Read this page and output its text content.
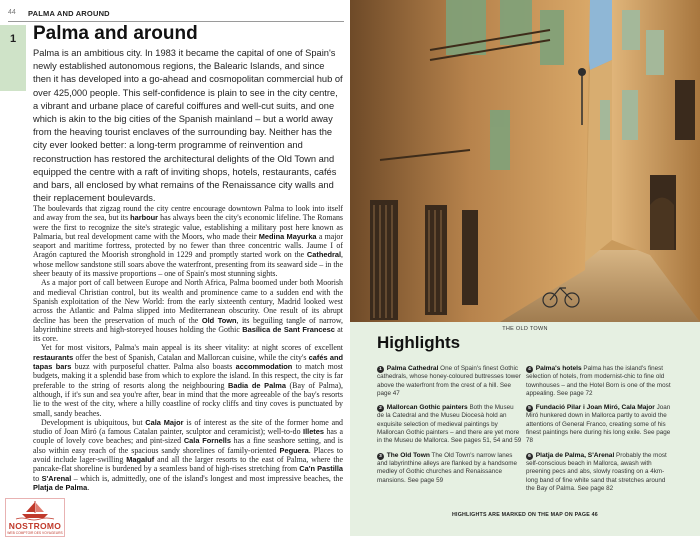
44 PALMA AND AROUND
1 Palma and around

Palma is an ambitious city. In 1983 it became the capital of one of Spain's newly established autonomous regions, the Balearic Islands, and since then it has developed into a go-ahead and cosmopolitan commercial hub of over 425,000 people. This self-confidence is plain to see in the city centre, a vibrant and urbane place of careful coiffures and well-cut suits, and one which is akin to the big cities of the Spanish mainland – but a world away from the heaving tourist enclaves of the surrounding bay. Neither has the city ever looked better: a long-term programme of reinvention and reconstruction has restored the architectural delights of the Old Town and equipped the centre with a raft of inviting shops, hotels, restaurants, cafés and bars, all enclosed by what remains of the Renaissance city walls and their replacement boulevards.

The boulevards that zigzag round the city centre encourage downtown Palma to look into itself and away from the sea, but its harbour has always been the city's economic lifeline. The Romans were the first to recognize the site's strategic value, establishing a military post here known as Palmaria, but real development came with the Moors, who made their Medina Mayurka a major seaport and maritime fortress, protected by no fewer than three concentric walls. Jaume I of Aragón captured the Moorish stronghold in 1229 and promptly started work on the Cathedral, whose mellow sandstone still soars above the waterfront, presenting from its seaward side – in the sheer beauty of its massive proportions – one of Spain's most stunning sights.

As a major port of call between Europe and North Africa, Palma boomed under both Moorish and medieval Christian control, but its wealth and prominence came to a sudden end with the Spanish exploitation of the New World: from the early sixteenth century, Madrid looked west across the Atlantic and Palma slipped into Mediterranean obscurity. One result of its abrupt decline has been the preservation of much of the Old Town, its beguiling tangle of narrow, labyrinthine streets and high-storeyed houses holding the Gothic Basílica de Sant Francesc at its core.

Yet for most visitors, Palma's main appeal is its sheer vitality: at night scores of excellent restaurants offer the best of Spanish, Catalan and Mallorcan cuisine, while the city's cafés and tapas bars buzz with purposeful chatter. Palma also boasts accommodation to match most budgets, making it a splendid base from which to explore the island. In this respect, the city is far preferable to the string of resorts along the neighbouring Badia de Palma (Bay of Palma), although, if it's sun and sea you're after, bear in mind that the more agreeable of the bay's resorts lie to the west of the city, where a hilly coastline of rocky cliffs and tiny coves is punctuated by small, sandy beaches.

Development is ubiquitous, but Cala Major is of interest as the site of the former home and studio of Joan Miró (a famous Catalan painter, sculptor and ceramicist); well-to-do Illetes has a couple of lovely cove beaches; and pint-sized Cala Fornells has a fine seashore setting, and is also within easy reach of the spacious sandy shorelines of family-oriented Peguera. Places to avoid include lager-swilling Magaluf and all the larger resorts to the east of Palma, where the pancake-flat shoreline is burdened by a seamless band of high-rises stretching from Ca'n Pastilla to S'Arenal – which is, admittedly, one of the island's longest and most impressive beaches, the Platja de Palma.

NOSTROMO
WEB COMPTOIR DES VOYAGEURS
THE OLD TOWN
Highlights
1 Palma Cathedral One of Spain's finest Gothic cathedrals, whose honey-coloured buttresses tower above the waterfront from the crest of a hill. See page 47
2 Mallorcan Gothic painters Both the Museu de la Catedral and the Museu Diocesà hold an exquisite selection of medieval paintings by Mallorcan Gothic painters – and there are yet more in the Museu de Mallorca. See pages 51, 54 and 59
3 The Old Town The Old Town's narrow lanes and labyrinthine alleys are flanked by a handsome medley of Gothic churches and Renaissance mansions. See page 59
4 Palma's hotels Palma has the island's finest selection of hotels, from modernist-chic to fine old townhouses – and the Hotel Born is one of the most appealing. See page 72
5 Fundació Pilar i Joan Miró, Cala Major Joan Miró hunkered down in Mallorca partly to avoid the attentions of General Franco, creating some of his finest paintings here during his long exile. See page 78
6 Platja de Palma, S'Arenal Probably the most self-conscious beach in Mallorca, awash with preening pecs and abs, slowly roasting on a 4km-long band of fine white sand that stretches around the Bay of Palma. See page 82
HIGHLIGHTS ARE MARKED ON THE MAP ON PAGE 46
